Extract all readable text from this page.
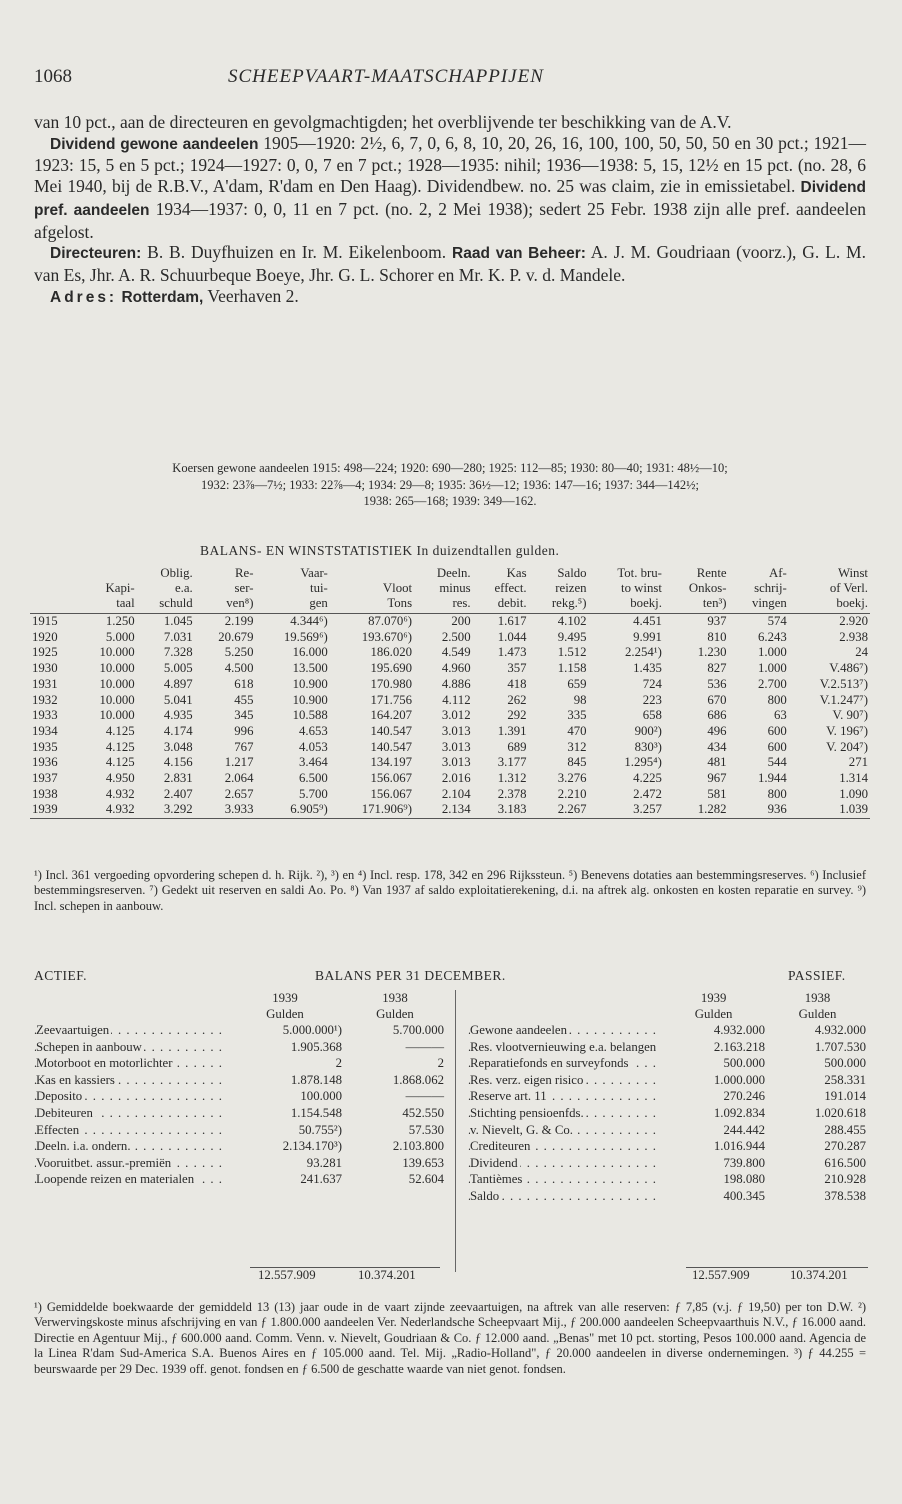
1068	SCHEEPVAART-MAATSCHAPPIJEN

van 10 pct., aan de directeuren en gevolgmachtigden; het overblijvende ter beschikking van de A.V.

Dividend gewone aandeelen 1905—1920: 2½, 6, 7, 0, 6, 8, 10, 20, 26, 16, 100, 100, 50, 50, 50 en 30 pct.; 1921—1923: 15, 5 en 5 pct.; 1924—1927: 0, 0, 7 en 7 pct.; 1928—1935: nihil; 1936—1938: 5, 15, 12½ en 15 pct. (no. 28, 6 Mei 1940, bij de R.B.V., A'dam, R'dam en Den Haag). Dividendbew. no. 25 was claim, zie in emissietabel. Dividend pref. aandeelen 1934—1937: 0, 0, 11 en 7 pct. (no. 2, 2 Mei 1938); sedert 25 Febr. 1938 zijn alle pref. aandeelen afgelost.

Directeuren: B. B. Duyfhuizen en Ir. M. Eikelenboom. Raad van Beheer: A. J. M. Goudriaan (voorz.), G. L. M. van Es, Jhr. A. R. Schuurbeque Boeye, Jhr. G. L. Schorer en Mr. K. P. v. d. Mandele.

Adres: Rotterdam, Veerhaven 2.

Koersen gewone aandeelen 1915: 498—224; 1920: 690—280; 1925: 112—85; 1930: 80—40; 1931: 48½—10;

1932: 23⅞—7½; 1933: 22⅞—4; 1934: 29—8; 1935: 36½—12; 1936: 147—16; 1937: 344—142½;

1938: 265—168; 1939: 349—162.

BALANS- EN WINSTSTATISTIEK In duizendtallen gulden.
		Oblig.	Re-	Vaar-		Deeln.	Kas	Saldo	Tot. bru-	Rente	Af-	Winst
	Kapi-	e.a.	ser-	tui-	Vloot	minus	effect.	reizen	to winst	Onkos-	schrij-	of Verl.
	taal	schuld	ven⁸)	gen	Tons	res.	debit.	rekg.⁵)	boekj.	ten³)	vingen	boekj.
1915	1.250	1.045	2.199	4.344⁶)	87.070⁶)	200	1.617	4.102	4.451	937	574	2.920
1920	5.000	7.031	20.679	19.569⁶)	193.670⁶)	2.500	1.044	9.495	9.991	810	6.243	2.938
1925	10.000	7.328	5.250	16.000	186.020	4.549	1.473	1.512	2.254¹)	1.230	1.000	24
1930	10.000	5.005	4.500	13.500	195.690	4.960	357	1.158	1.435	827	1.000	V.486⁷)
1931	10.000	4.897	618	10.900	170.980	4.886	418	659	724	536	2.700	V.2.513⁷)
1932	10.000	5.041	455	10.900	171.756	4.112	262	98	223	670	800	V.1.247⁷)
1933	10.000	4.935	345	10.588	164.207	3.012	292	335	658	686	63	V. 90⁷)
1934	4.125	4.174	996	4.653	140.547	3.013	1.391	470	900²)	496	600	V. 196⁷)
1935	4.125	3.048	767	4.053	140.547	3.013	689	312	830³)	434	600	V. 204⁷)
1936	4.125	4.156	1.217	3.464	134.197	3.013	3.177	845	1.295⁴)	481	544	271
1937	4.950	2.831	2.064	6.500	156.067	2.016	1.312	3.276	4.225	967	1.944	1.314
1938	4.932	2.407	2.657	5.700	156.067	2.104	2.378	2.210	2.472	581	800	1.090
1939	4.932	3.292	3.933	6.905⁹)	171.906⁹)	2.134	3.183	2.267	3.257	1.282	936	1.039

¹) Incl. 361 vergoeding opvordering schepen d. h. Rijk. ²), ³) en ⁴) Incl. resp. 178, 342 en 296 Rijkssteun. ⁵) Benevens dotaties aan bestemmingsreserves. ⁶) Inclusief bestemmingsreserven. ⁷) Gedekt uit reserven en saldi Ao. Po. ⁸) Van 1937 af saldo exploitatierekening, d.i. na aftrek alg. onkosten en kosten reparatie en survey. ⁹) Incl. schepen in aanbouw.

ACTIEF.	BALANS PER 31 DECEMBER.	PASSIEF.
	1939	1938
	Gulden	Gulden
Zeevaartuigen . . .	5.000.000¹)	5.700.000
Schepen in aanbouw . . .	1.905.368	———
Motorboot en motorlichter . . .	2	2
Kas en kassiers . . .	1.878.148	1.868.062
Deposito . . .	100.000	———
Debiteuren . . .	1.154.548	452.550
Effecten . . .	50.755²)	57.530
Deeln. i.a. ondern. . . .	2.134.170³)	2.103.800
Vooruitbet. assur.-premiën . . .	93.281	139.653
Loopende reizen en materialen . . .	241.637	52.604
	1939	1938
	Gulden	Gulden
Gewone aandeelen . . .	4.932.000	4.932.000
Res. vlootvernieuwing e.a. belangen . . .	2.163.218	1.707.530
Reparatiefonds en surveyfonds . . .	500.000	500.000
Res. verz. eigen risico . . .	1.000.000	258.331
Reserve art. 11 . . .	270.246	191.014
Stichting pensioenfds. . . .	1.092.834	1.020.618
v. Nievelt, G. & Co. . . .	244.442	288.455
Crediteuren . . .	1.016.944	270.287
Dividend . . .	739.800	616.500
Tantièmes . . .	198.080	210.928
Saldo . . .	400.345	378.538
12.557.909	10.374.201	12.557.909	10.374.201

¹) Gemiddelde boekwaarde der gemiddeld 13 (13) jaar oude in de vaart zijnde zeevaartuigen, na aftrek van alle reserven: ƒ 7,85 (v.j. ƒ 19,50) per ton D.W. ²) Verwervingskoste minus afschrijving en van ƒ 1.800.000 aandeelen Ver. Nederlandsche Scheepvaart Mij., ƒ 200.000 aandeelen Scheepvaarthuis N.V., ƒ 16.000 aand. Directie en Agentuur Mij., ƒ 600.000 aand. Comm. Venn. v. Nievelt, Goudriaan & Co. ƒ 12.000 aand. „Benas" met 10 pct. storting, Pesos 100.000 aand. Agencia de la Linea R'dam Sud-America S.A. Buenos Aires en ƒ 105.000 aand. Tel. Mij. „Radio-Holland", ƒ 20.000 aandeelen in diverse ondernemingen. ³) ƒ 44.255 = beurswaarde per 29 Dec. 1939 off. genot. fondsen en ƒ 6.500 de geschatte waarde van niet genot. fondsen.
